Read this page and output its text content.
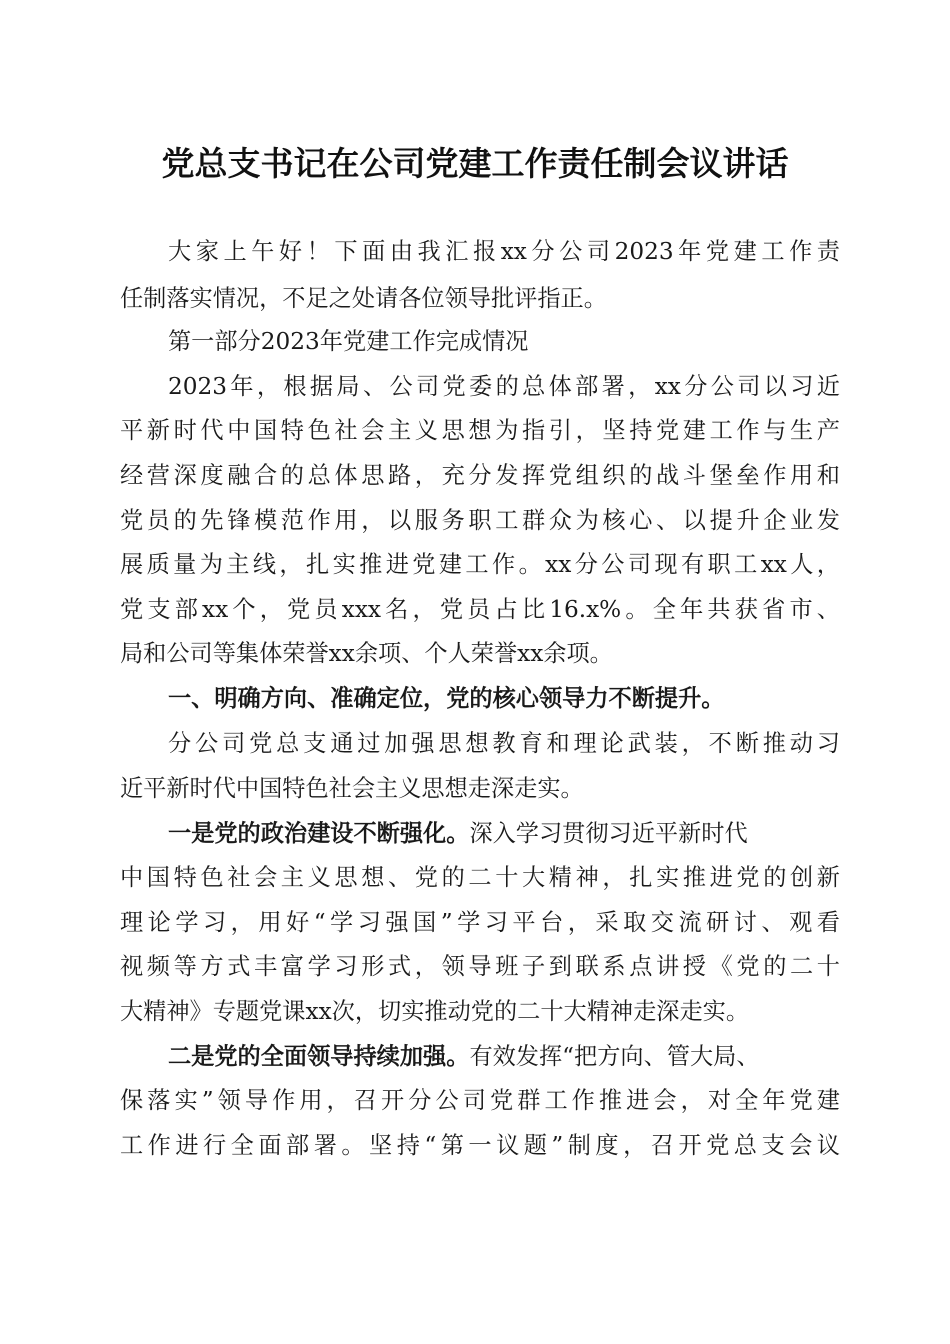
党总支书记在公司党建工作责任制会议讲话
大家上午好！下面由我汇报xx分公司2023年党建工作责
任制落实情况，不足之处请各位领导批评指正。
第一部分2023年党建工作完成情况
2023年，根据局、公司党委的总体部署，xx分公司以习近
平新时代中国特色社会主义思想为指引，坚持党建工作与生产
经营深度融合的总体思路，充分发挥党组织的战斗堡垒作用和
党员的先锋模范作用，以服务职工群众为核心、以提升企业发
展质量为主线，扎实推进党建工作。xx分公司现有职工xx人，
党支部xx个，党员xxx名，党员占比16.x%。全年共获省市、
局和公司等集体荣誉xx余项、个人荣誉xx余项。
一、明确方向、准确定位，党的核心领导力不断提升。
分公司党总支通过加强思想教育和理论武装，不断推动习
近平新时代中国特色社会主义思想走深走实。
一是党的政治建设不断强化。深入学习贯彻习近平新时代
中国特色社会主义思想、党的二十大精神，扎实推进党的创新
理论学习，用好“学习强国”学习平台，采取交流研讨、观看
视频等方式丰富学习形式，领导班子到联系点讲授《党的二十
大精神》专题党课xx次，切实推动党的二十大精神走深走实。
二是党的全面领导持续加强。有效发挥“把方向、管大局、
保落实”领导作用，召开分公司党群工作推进会，对全年党建
工作进行全面部署。坚持“第一议题”制度，召开党总支会议
